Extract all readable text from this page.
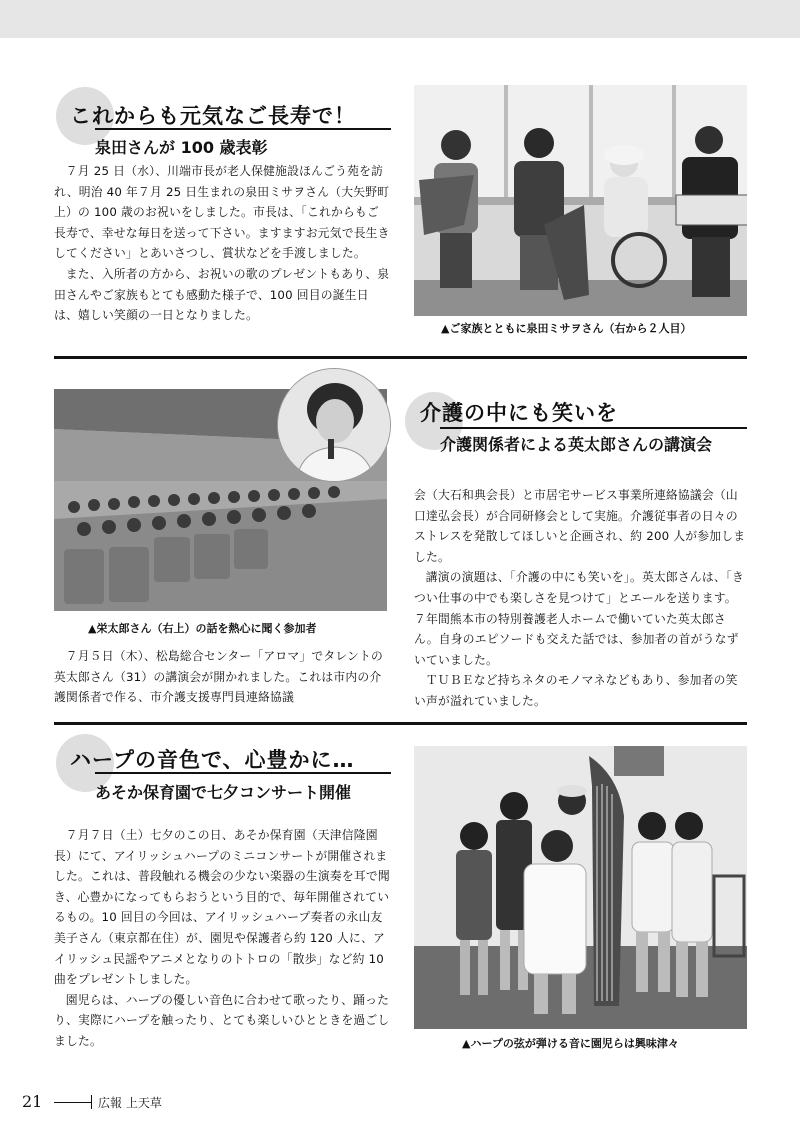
これからも元気なご長寿で！
泉田さんが 100 歳表彰

７月 25 日（水）、川端市長が老人保健施設ほんごう苑を訪れ、明治 40 年７月 25 日生まれの泉田ミサヲさん（大矢野町上）の 100 歳のお祝いをしました。市長は、「これからもご長寿で、幸せな毎日を送って下さい。ますますお元気で長生きしてください」とあいさつし、賞状などを手渡しました。

また、入所者の方から、お祝いの歌のプレゼントもあり、泉田さんやご家族もとても感動た様子で、100 回目の誕生日は、嬉しい笑顔の一日となりました。

▲ご家族とともに泉田ミサヲさん（右から２人目）
介護の中にも笑いを
介護関係者による英太郎さんの講演会
▲栄太郎さん（右上）の話を熱心に聞く参加者

７月５日（木）、松島総合センター「アロマ」でタレントの英太郎さん（31）の講演会が開かれました。これは市内の介護関係者で作る、市介護支援専門員連絡協議

会（大石和典会長）と市居宅サービス事業所連絡協議会（山口達弘会長）が合同研修会として実施。介護従事者の日々のストレスを発散してほしいと企画され、約 200 人が参加しました。

講演の演題は、「介護の中にも笑いを」。英太郎さんは、「きつい仕事の中でも楽しさを見つけて」とエールを送ります。７年間熊本市の特別養護老人ホームで働いていた英太郎さん。自身のエピソードも交えた話では、参加者の首がうなずいていました。

ＴＵＢＥなど持ちネタのモノマネなどもあり、参加者の笑い声が溢れていました。

ハープの音色で、心豊かに…
あそか保育園で七夕コンサート開催

７月７日（土）七夕のこの日、あそか保育園（天津信隆園長）にて、アイリッシュハープのミニコンサートが開催されました。これは、普段触れる機会の少ない楽器の生演奏を耳で聞き、心豊かになってもらおうという目的で、毎年開催されているもの。10 回目の今回は、アイリッシュハープ奏者の永山友美子さん（東京都在住）が、園児や保護者ら約 120 人に、アイリッシュ民謡やアニメとなりのトトロの「散歩」など約 10 曲をプレゼントしました。

園児らは、ハープの優しい音色に合わせて歌ったり、踊ったり、実際にハープを触ったり、とても楽しいひとときを過ごしました。	▲ハープの弦が弾ける音に園児らは興味津々
21	広報 上天草
